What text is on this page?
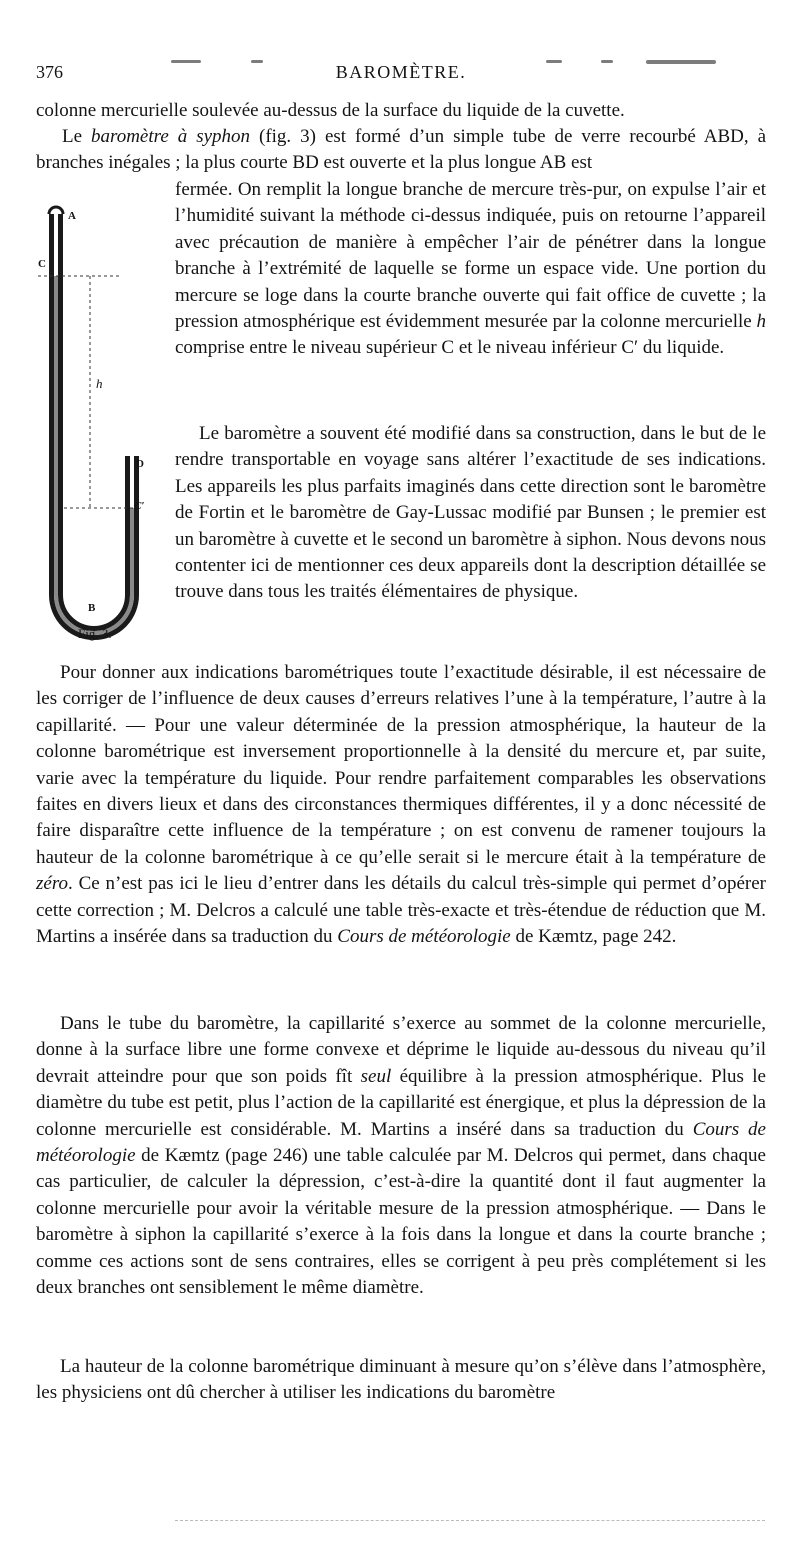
376	BAROMÈTRE.

colonne mercurielle soulevée au-dessus de la surface du liquide de la cuvette.

Le baromètre à syphon (fig. 3) est formé d’un simple tube de verre recourbé ABD, à branches inégales ; la plus courte BD est ouverte et la plus longue AB est

A
C
h
D
C′
B
Fig. 3.

fermée. On remplit la longue branche de mercure très-pur, on expulse l’air et l’humidité suivant la méthode ci-dessus indiquée, puis on retourne l’appareil avec précaution de manière à empêcher l’air de pénétrer dans la longue branche à l’extrémité de laquelle se forme un espace vide. Une portion du mercure se loge dans la courte branche ouverte qui fait office de cuvette ; la pression atmosphérique est évidemment mesurée par la colonne mercurielle h comprise entre le niveau supérieur C et le niveau inférieur C′ du liquide.

Le baromètre a souvent été modifié dans sa construction, dans le but de le rendre transportable en voyage sans altérer l’exactitude de ses indications. Les appareils les plus parfaits imaginés dans cette direction sont le baromètre de Fortin et le baromètre de Gay-Lussac modifié par Bunsen ; le premier est un baromètre à cuvette et le second un baromètre à siphon. Nous devons nous contenter ici de mentionner ces deux appareils dont la description détaillée se trouve dans tous les traités élémentaires de physique.

Pour donner aux indications barométriques toute l’exactitude désirable, il est nécessaire de les corriger de l’influence de deux causes d’erreurs relatives l’une à la température, l’autre à la capillarité. — Pour une valeur déterminée de la pression atmosphérique, la hauteur de la colonne barométrique est inversement proportionnelle à la densité du mercure et, par suite, varie avec la température du liquide. Pour rendre parfaitement comparables les observations faites en divers lieux et dans des circonstances thermiques différentes, il y a donc nécessité de faire disparaître cette influence de la température ; on est convenu de ramener toujours la hauteur de la colonne barométrique à ce qu’elle serait si le mercure était à la température de zéro. Ce n’est pas ici le lieu d’entrer dans les détails du calcul très-simple qui permet d’opérer cette correction ; M. Delcros a calculé une table très-exacte et très-étendue de réduction que M. Martins a insérée dans sa traduction du Cours de météorologie de Kæmtz, page 242.

Dans le tube du baromètre, la capillarité s’exerce au sommet de la colonne mercurielle, donne à la surface libre une forme convexe et déprime le liquide au-dessous du niveau qu’il devrait atteindre pour que son poids fît seul équilibre à la pression atmosphérique. Plus le diamètre du tube est petit, plus l’action de la capillarité est énergique, et plus la dépression de la colonne mercurielle est considérable. M. Martins a inséré dans sa traduction du Cours de météorologie de Kæmtz (page 246) une table calculée par M. Delcros qui permet, dans chaque cas particulier, de calculer la dépression, c’est-à-dire la quantité dont il faut augmenter la colonne mercurielle pour avoir la véritable mesure de la pression atmosphérique. — Dans le baromètre à siphon la capillarité s’exerce à la fois dans la longue et dans la courte branche ; comme ces actions sont de sens contraires, elles se corrigent à peu près complétement si les deux branches ont sensiblement le même diamètre.

La hauteur de la colonne barométrique diminuant à mesure qu’on s’élève dans l’atmosphère, les physiciens ont dû chercher à utiliser les indications du baromètre
